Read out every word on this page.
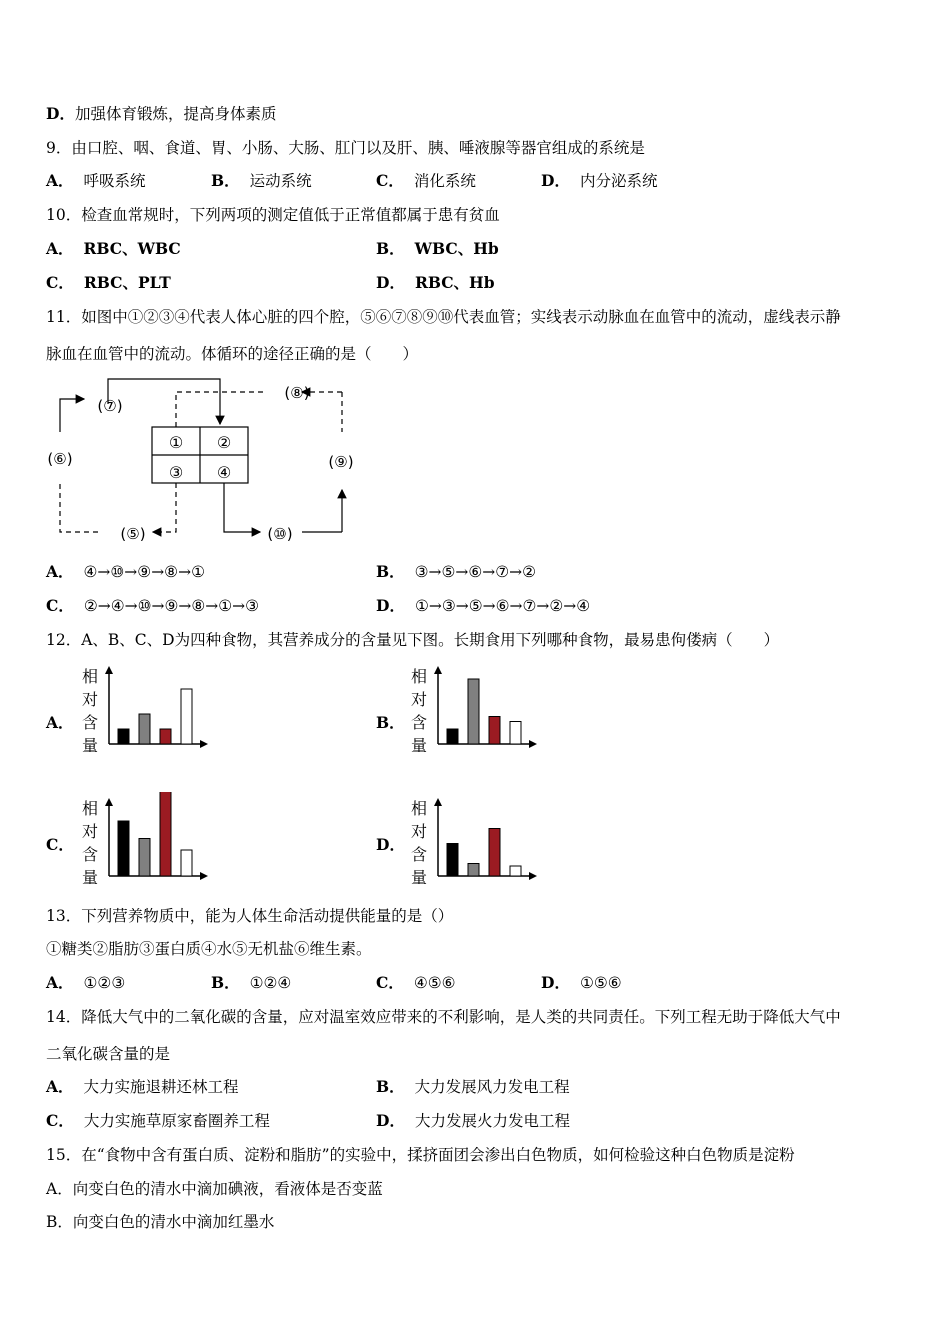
D．加强体育锻炼，提高身体素质
9．由口腔、咽、食道、胃、小肠、大肠、肛门以及肝、胰、唾液腺等器官组成的系统是
A． 呼吸系统	B． 运动系统	C． 消化系统	D． 内分泌系统
10．检查血常规时，下列两项的测定值低于正常值都属于患有贫血
A． RBC、WBC	B． WBC、Hb
C． RBC、PLT	D． RBC、Hb
11．如图中①②③④代表人体心脏的四个腔，⑤⑥⑦⑧⑨⑩代表血管；实线表示动脉血在血管中的流动，虚线表示静
脉血在血管中的流动。体循环的途径正确的是（　　）
① ②
③ ④
(⑦)
(⑧)
(⑨)
(⑩)
(⑤)
(⑥)
A． ④→⑩→⑨→⑧→①	B． ③→⑤→⑥→⑦→②
C． ②→④→⑩→⑨→⑧→①→③	D． ①→③→⑤→⑥→⑦→②→④
12．A、B、C、D为四种食物，其营养成分的含量见下图。长期食用下列哪种食物，最易患佝偻病（　　）
A．	B．
C．	D．
相
对
含
量
相
对
含
量
相
对
含
量
相
对
含
量
13．下列营养物质中，能为人体生命活动提供能量的是（）
①糖类②脂肪③蛋白质④水⑤无机盐⑥维生素。
A． ①②③	B． ①②④	C． ④⑤⑥	D． ①⑤⑥
14．降低大气中的二氧化碳的含量，应对温室效应带来的不利影响，是人类的共同责任。下列工程无助于降低大气中
二氧化碳含量的是
A． 大力实施退耕还林工程	B． 大力发展风力发电工程
C． 大力实施草原家畜圈养工程	D． 大力发展火力发电工程
15．在“食物中含有蛋白质、淀粉和脂肪”的实验中，揉挤面团会渗出白色物质，如何检验这种白色物质是淀粉
A．向变白色的清水中滴加碘液，看液体是否变蓝
B．向变白色的清水中滴加红墨水
